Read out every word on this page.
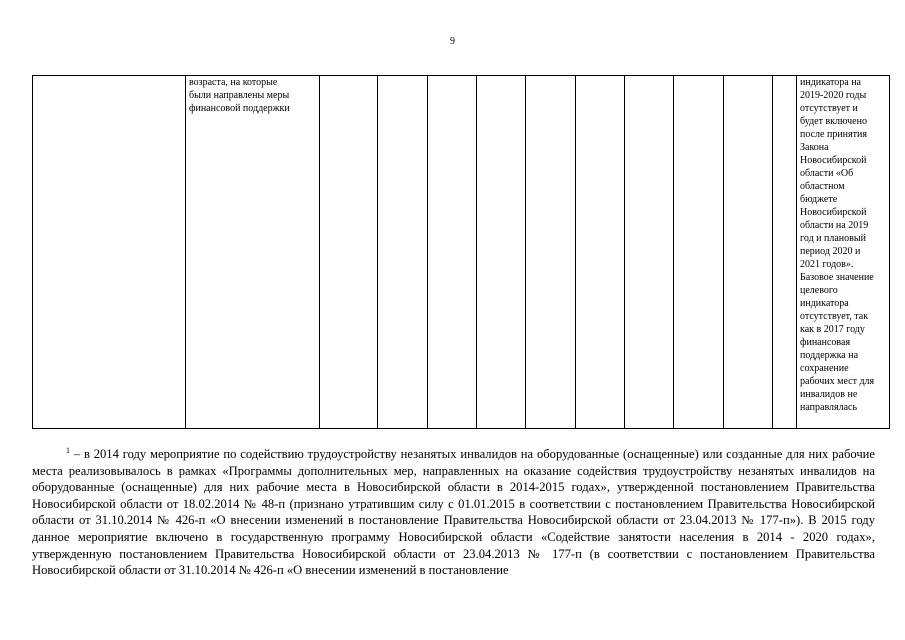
9
	возраста, на которые
были направлены меры
финансовой поддержки											индикатора на
2019-2020 годы
отсутствует и
будет включено
после принятия
Закона
Новосибирской
области «Об
областном
бюджете
Новосибирской
области на 2019
год и плановый
период 2020 и
2021 годов».
Базовое значение
целевого
индикатора
отсутствует, так
как в 2017 году
финансовая
поддержка на
сохранение
рабочих мест для
инвалидов не
направлялась
$^1$ – в 2014 году мероприятие по содействию трудоустройству незанятых инвалидов на оборудованные (оснащенные) или созданные для них рабочие места реализовывалось в рамках «Программы дополнительных мер, направленных на оказание содействия трудоустройству незанятых инвалидов на оборудованные (оснащенные) для них рабочие места в Новосибирской области в 2014-2015 годах», утвержденной постановлением Правительства Новосибирской области от 18.02.2014 № 48-п (признано утратившим силу с 01.01.2015 в соответствии с постановлением Правительства Новосибирской области от 31.10.2014 № 426-п «О внесении изменений в постановление Правительства Новосибирской области от 23.04.2013 № 177-п»). В 2015 году данное мероприятие включено в государственную программу Новосибирской области «Содействие занятости населения в 2014 - 2020 годах», утвержденную постановлением Правительства Новосибирской области от 23.04.2013 № 177-п (в соответствии с постановлением Правительства Новосибирской области от 31.10.2014 № 426-п «О внесении изменений в постановление
